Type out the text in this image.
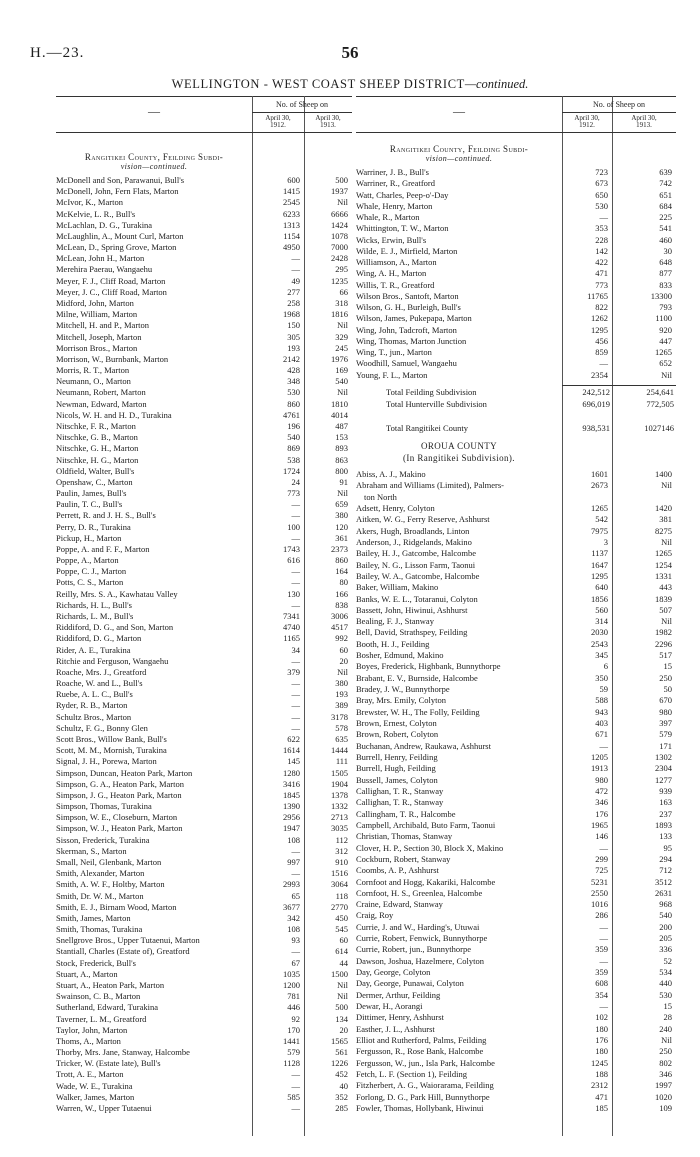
H.—23.	56
WELLINGTON - WEST COAST SHEEP DISTRICT—continued.
—	No. of Sheep on
April 30,
1912.
April 30,
1913.
Rangitikei County, Feilding Subdi-
vision—continued.
McDonell and Son, Parawanui, Bull's	600	500
McDonell, John, Fern Flats, Marton	1415	1937
McIvor, K., Marton	2545	Nil
McKelvie, L. R., Bull's	6233	6666
McLachlan, D. G., Turakina	1313	1424
McLaughlin, A., Mount Curl, Marton	1154	1078
McLean, D., Spring Grove, Marton	4950	7000
McLean, John H., Marton	—	2428
Merehira Paerau, Wangaehu	—	295
Meyer, F. J., Cliff Road, Marton	49	1235
Meyer, J. C., Cliff Road, Marton	277	66
Midford, John, Marton	258	318
Milne, William, Marton	1968	1816
Mitchell, H. and P., Marton	150	Nil
Mitchell, Joseph, Marton	305	329
Morrison Bros., Marton	193	245
Morrison, W., Burnbank, Marton	2142	1976
Morris, R. T., Marton	428	169
Neumann, O., Marton	348	540
Neumann, Robert, Marton	530	Nil
Newman, Edward, Marton	860	1810
Nicols, W. H. and H. D., Turakina	4761	4014
Nitschke, F. R., Marton	196	487
Nitschke, G. B., Marton	540	153
Nitschke, G. H., Marton	869	893
Nitschke, H. G., Marton	538	863
Oldfield, Walter, Bull's	1724	800
Openshaw, C., Marton	24	91
Paulin, James, Bull's	773	Nil
Paulin, T. C., Bull's	—	659
Perrett, R. and J. H. S., Bull's	—	380
Perry, D. R., Turakina	100	120
Pickup, H., Marton	—	361
Poppe, A. and F. F., Marton	1743	2373
Poppe, A., Marton	616	860
Poppe, C. J., Marton	—	164
Potts, C. S., Marton	—	80
Reilly, Mrs. S. A., Kawhatau Valley	130	166
Richards, H. L., Bull's	—	838
Richards, L. M., Bull's	7341	3006
Riddiford, D. G., and Son, Marton	4740	4517
Riddiford, D. G., Marton	1165	992
Rider, A. E., Turakina	34	60
Ritchie and Ferguson, Wangaehu	—	20
Roache, Mrs. J., Greatford	379	Nil
Roache, W. and L., Bull's	—	380
Ruebe, A. L. C., Bull's	—	193
Ryder, R. B., Marton	—	389
Schultz Bros., Marton	—	3178
Schultz, F. G., Bonny Glen	—	578
Scott Bros., Willow Bank, Bull's	622	635
Scott, M. M., Mornish, Turakina	1614	1444
Signal, J. H., Porewa, Marton	145	111
Simpson, Duncan, Heaton Park, Marton	1280	1505
Simpson, G. A., Heaton Park, Marton	3416	1904
Simpson, J. G., Heaton Park, Marton	1845	1378
Simpson, Thomas, Turakina	1390	1332
Simpson, W. E., Closeburn, Marton	2956	2713
Simpson, W. J., Heaton Park, Marton	1947	3035
Sisson, Frederick, Turakina	108	112
Skerman, S., Marton	—	312
Small, Neil, Glenbank, Marton	997	910
Smith, Alexander, Marton	—	1516
Smith, A. W. F., Holtby, Marton	2993	3064
Smith, Dr. W. M., Marton	65	118
Smith, E. J., Birnam Wood, Marton	3677	2770
Smith, James, Marton	342	450
Smith, Thomas, Turakina	108	545
Snellgrove Bros., Upper Tutaenui, Marton	93	60
Stantiall, Charles (Estate of), Greatford	—	614
Stock, Frederick, Bull's	67	44
Stuart, A., Marton	1035	1500
Stuart, A., Heaton Park, Marton	1200	Nil
Swainson, C. B., Marton	781	Nil
Sutherland, Edward, Turakina	446	500
Taverner, L. M., Greatford	92	134
Taylor, John, Marton	170	20
Thoms, A., Marton	1441	1565
Thorby, Mrs. Jane, Stanway, Halcombe	579	561
Tricker, W. (Estate late), Bull's	1128	1226
Trott, A. E., Marton	—	452
Wade, W. E., Turakina	—	40
Walker, James, Marton	585	352
Warren, W., Upper Tutaenui	—	285
—	No. of Sheep on
April 30,
1912.
April 30,
1913.
Rangitikei County, Feilding Subdi-
vision—continued.
Warriner, J. B., Bull's	723	639
Warriner, R., Greatford	673	742
Watt, Charles, Peep-o'-Day	650	651
Whale, Henry, Marton	530	684
Whale, R., Marton	—	225
Whittington, T. W., Marton	353	541
Wicks, Erwin, Bull's	228	460
Wilde, E. J., Mirfield, Marton	142	30
Williamson, A., Marton	422	648
Wing, A. H., Marton	471	877
Willis, T. R., Greatford	773	833
Wilson Bros., Santoft, Marton	11765	13300
Wilson, G. H., Burleigh, Bull's	822	793
Wilson, James, Pukepapa, Marton	1262	1100
Wing, John, Tadcroft, Marton	1295	920
Wing, Thomas, Marton Junction	456	447
Wing, T., jun., Marton	859	1265
Woodhill, Samuel, Wangaehu	—	652
Young, F. L., Marton	2354	Nil
Total Feilding Subdivision	242,512	254,641
Total Hunterville Subdivision	696,019	772,505
Total Rangitikei County	938,531	1027146
OROUA COUNTY
(In Rangitikei Subdivision).
Abiss, A. J., Makino	1601	1400
Abraham and Williams (Limited), Palmers-	2673	Nil
ton North
Adsett, Henry, Colyton	1265	1420
Aitken, W. G., Ferry Reserve, Ashhurst	542	381
Akers, Hugh, Broadlands, Linton	7975	8275
Anderson, J., Ridgelands, Makino	3	Nil
Bailey, H. J., Gatcombe, Halcombe	1137	1265
Bailey, N. G., Lisson Farm, Taonui	1647	1254
Bailey, W. A., Gatcombe, Halcombe	1295	1331
Baker, William, Makino	640	443
Banks, W. E. L., Totaranui, Colyton	1856	1839
Bassett, John, Hiwinui, Ashhurst	560	507
Bealing, F. J., Stanway	314	Nil
Bell, David, Strathspey, Feilding	2030	1982
Booth, H. J., Feilding	2543	2296
Bosher, Edmund, Makino	345	517
Boyes, Frederick, Highbank, Bunnythorpe	6	15
Brabant, E. V., Burnside, Halcombe	350	250
Bradey, J. W., Bunnythorpe	59	50
Bray, Mrs. Emily, Colyton	588	670
Brewster, W. H., The Folly, Feilding	943	980
Brown, Ernest, Colyton	403	397
Brown, Robert, Colyton	671	579
Buchanan, Andrew, Raukawa, Ashhurst	—	171
Burrell, Henry, Feilding	1205	1302
Burrell, Hugh, Feilding	1913	2304
Bussell, James, Colyton	980	1277
Callighan, T. R., Stanway	472	939
Callighan, T. R., Stanway	346	163
Callingham, T. R., Halcombe	176	237
Campbell, Archibald, Buto Farm, Taonui	1965	1893
Christian, Thomas, Stanway	146	133
Clover, H. P., Section 30, Block X, Makino	—	95
Cockburn, Robert, Stanway	299	294
Coombs, A. P., Ashhurst	725	712
Cornfoot and Hogg, Kakariki, Halcombe	5231	3512
Cornfoot, H. S., Greenlea, Halcombe	2550	2631
Craine, Edward, Stanway	1016	968
Craig, Roy	286	540
Currie, J. and W., Harding's, Utuwai	—	200
Currie, Robert, Fenwick, Bunnythorpe	—	205
Currie, Robert, jun., Bunnythorpe	359	336
Dawson, Joshua, Hazelmere, Colyton	—	52
Day, George, Colyton	359	534
Day, George, Punawai, Colyton	608	440
Dermer, Arthur, Feilding	354	530
Dewar, H., Aorangi	—	15
Dittimer, Henry, Ashhurst	102	28
Easther, J. L., Ashhurst	180	240
Elliot and Rutherford, Palms, Feilding	176	Nil
Fergusson, R., Rose Bank, Halcombe	180	250
Fergusson, W., jun., Isla Park, Halcombe	1245	802
Fetch, L. F. (Section 1), Feilding	188	346
Fitzherbert, A. G., Waiorarama, Feilding	2312	1997
Forlong, D. G., Park Hill, Bunnythorpe	471	1020
Fowler, Thomas, Hollybank, Hiwinui	185	109
